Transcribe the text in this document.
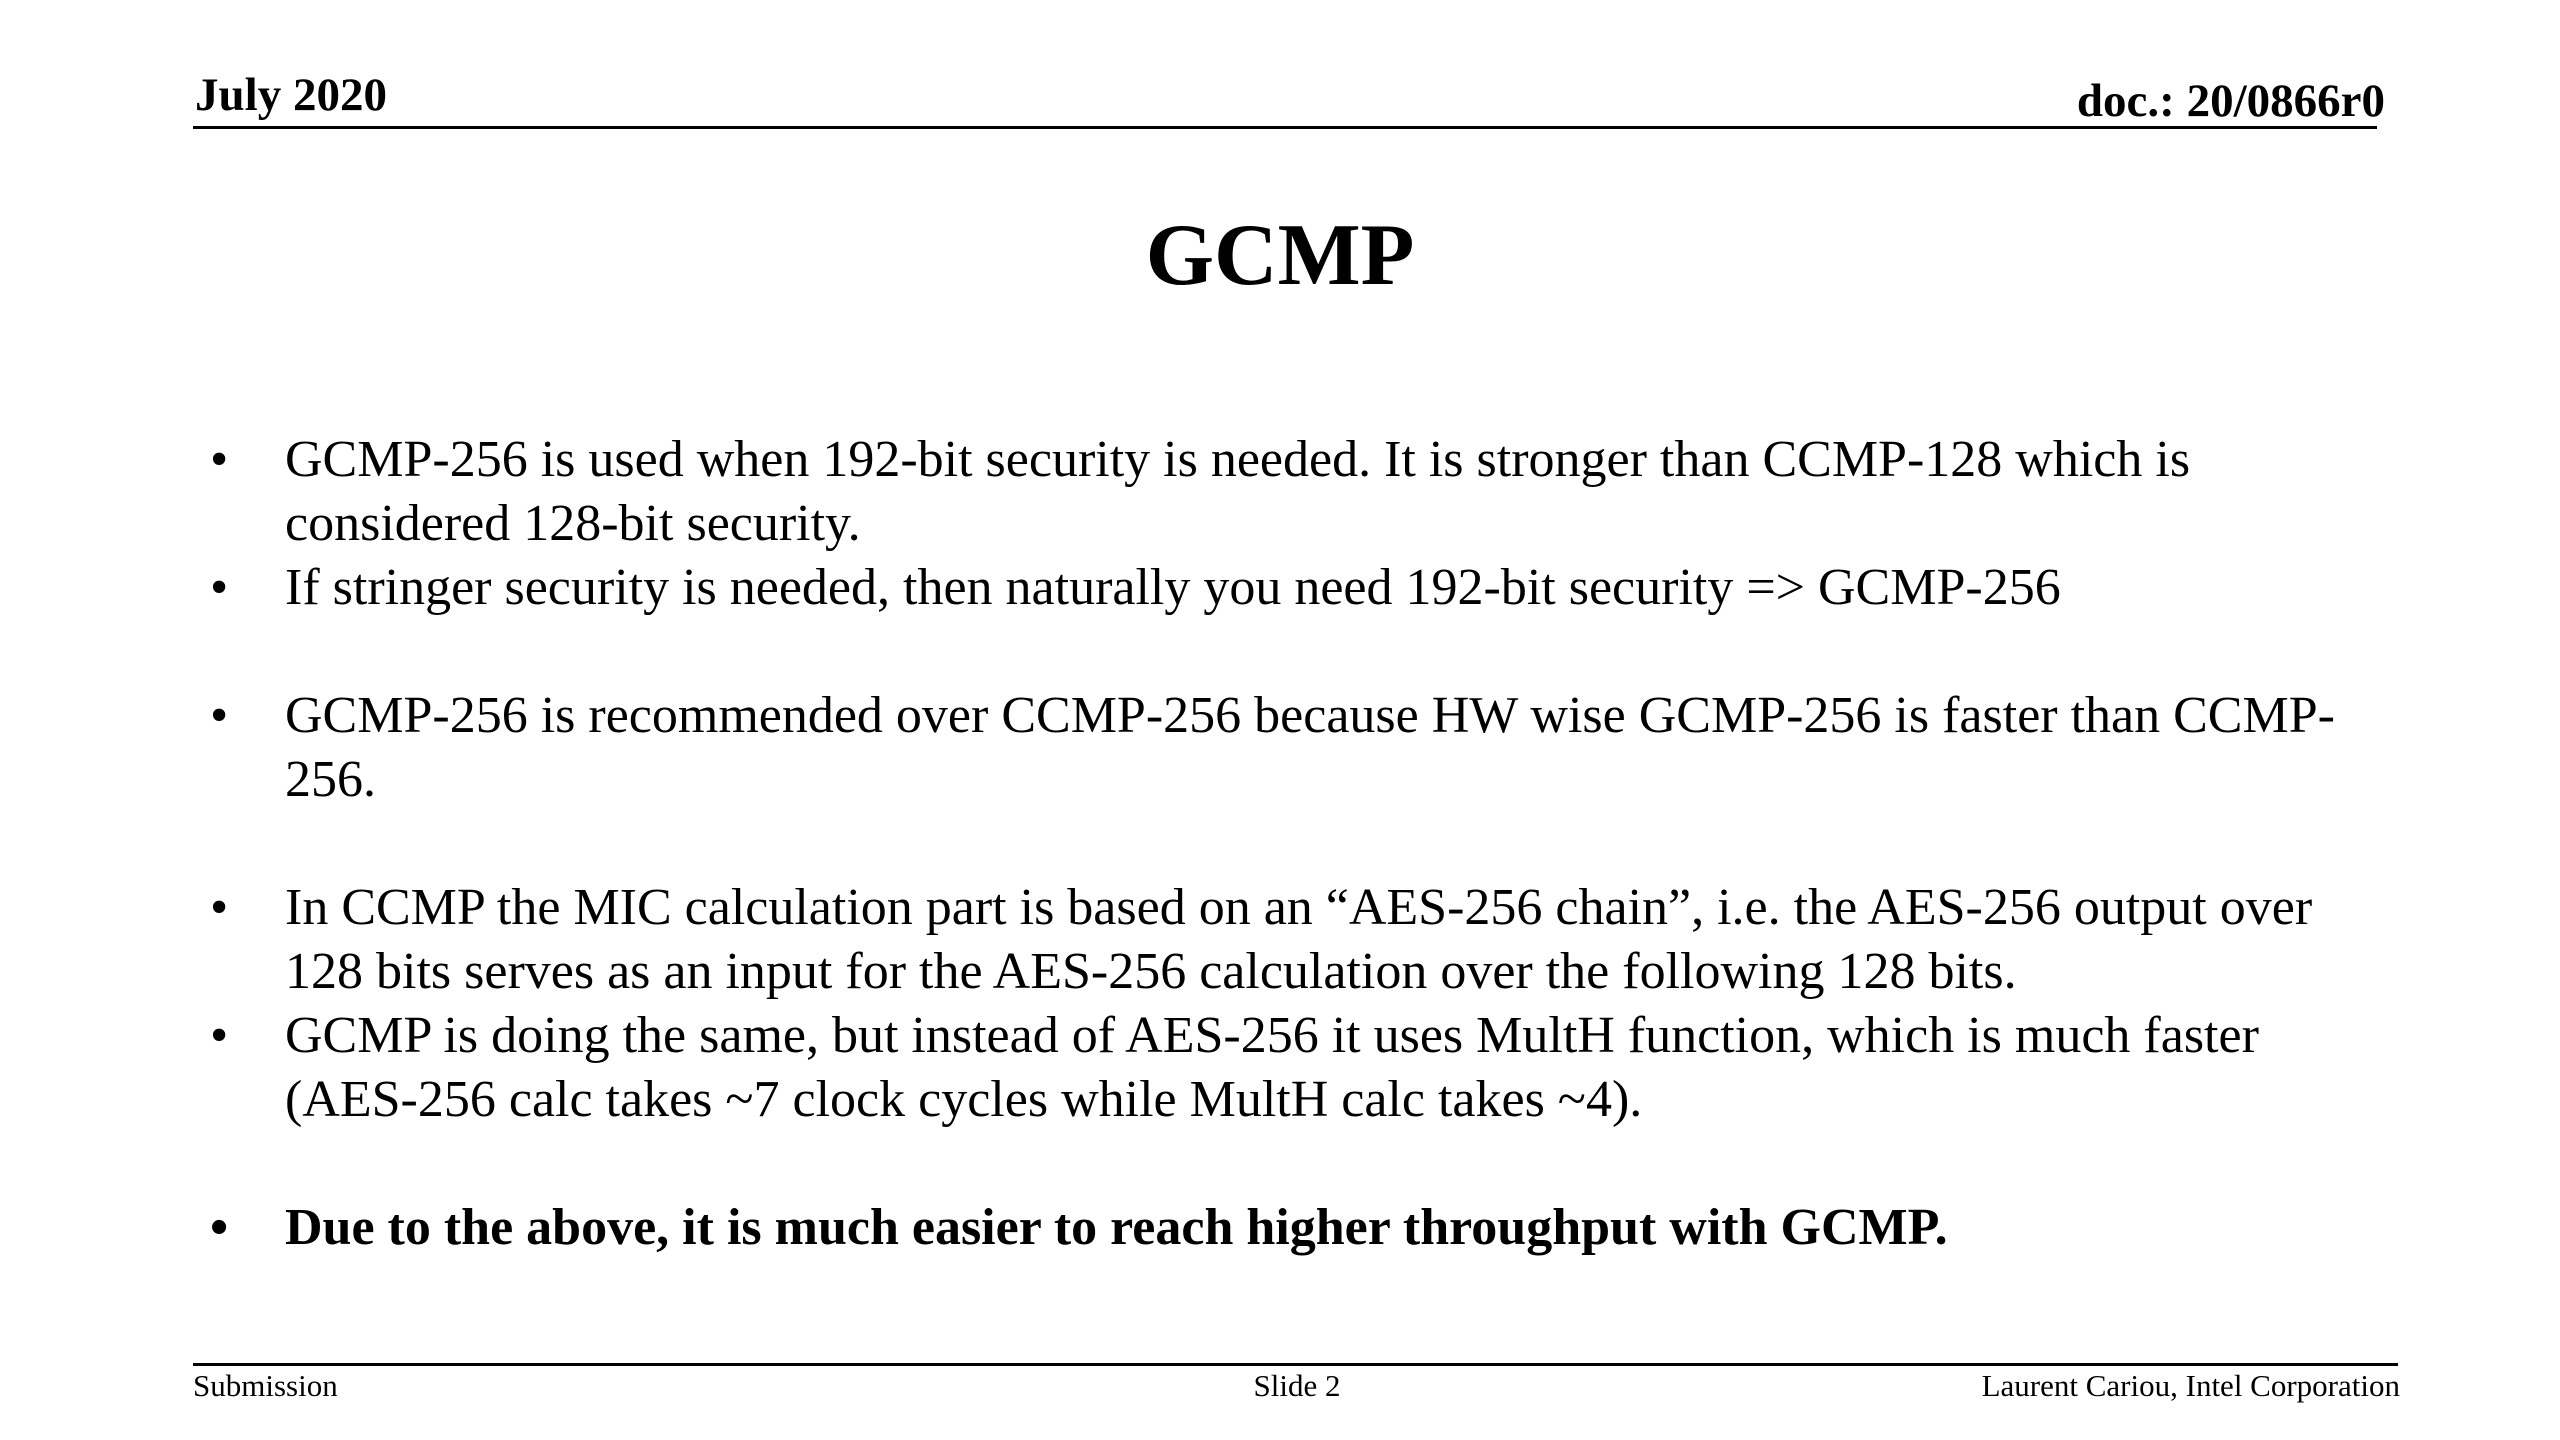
July 2020	doc.: 20/0866r0
GCMP
• GCMP-256 is used when 192-bit security is needed. It is stronger than CCMP-128 which is considered 128-bit security.
• If stringer security is needed, then naturally you need 192-bit security => GCMP-256
• GCMP-256 is recommended over CCMP-256 because HW wise GCMP-256 is faster than CCMP-256.
• In CCMP the MIC calculation part is based on an “AES-256 chain”, i.e. the AES-256 output over 128 bits serves as an input for the AES-256 calculation over the following 128 bits.
• GCMP is doing the same, but instead of AES-256 it uses MultH function, which is much faster (AES-256 calc takes ~7 clock cycles while MultH calc takes ~4).
• Due to the above, it is much easier to reach higher throughput with GCMP.
Submission	Slide 2	Laurent Cariou, Intel Corporation
